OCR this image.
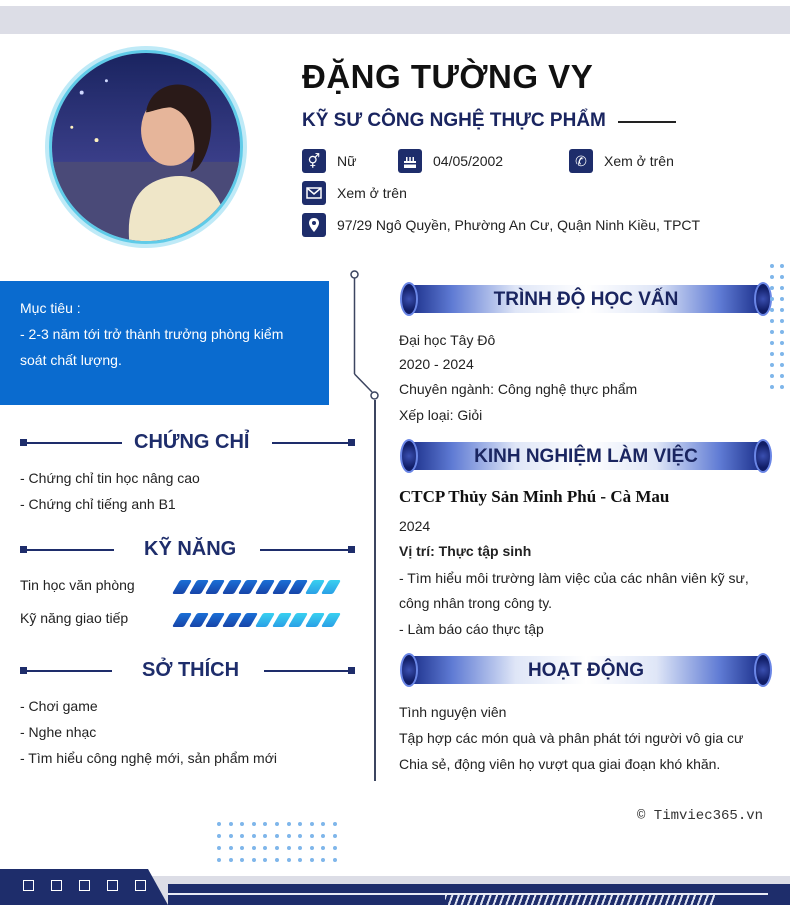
ĐẶNG TƯỜNG VY
KỸ SƯ CÔNG NGHỆ THỰC PHẨM
⚥	Nữ	04/05/2002	✆	Xem ở trên
Xem ở trên
97/29 Ngô Quyền, Phường An Cư, Quận Ninh Kiều, TPCT

Mục tiêu :

- 2-3 năm tới trở thành trưởng phòng kiểm

soát chất lượng.

CHỨNG CHỈ
- Chứng chỉ tin học nâng cao
- Chứng chỉ tiếng anh B1
KỸ NĂNG
Tin học văn phòng
Kỹ năng giao tiếp
SỞ THÍCH
- Chơi game
- Nghe nhạc
- Tìm hiểu công nghệ mới, sản phẩm mới
TRÌNH ĐỘ HỌC VẤN
Đại học Tây Đô
2020 - 2024
Chuyên ngành: Công nghệ thực phẩm
Xếp loại: Giỏi
KINH NGHIỆM LÀM VIỆC
CTCP Thủy Sản Minh Phú - Cà Mau
2024
Vị trí: Thực tập sinh
- Tìm hiểu môi trường làm việc của các nhân viên kỹ sư,
công nhân trong công ty.
- Làm báo cáo thực tập
HOẠT ĐỘNG
Tình nguyện viên
Tập hợp các món quà và phân phát tới người vô gia cư
Chia sẻ, động viên họ vượt qua giai đoạn khó khăn.
© Timviec365.vn
